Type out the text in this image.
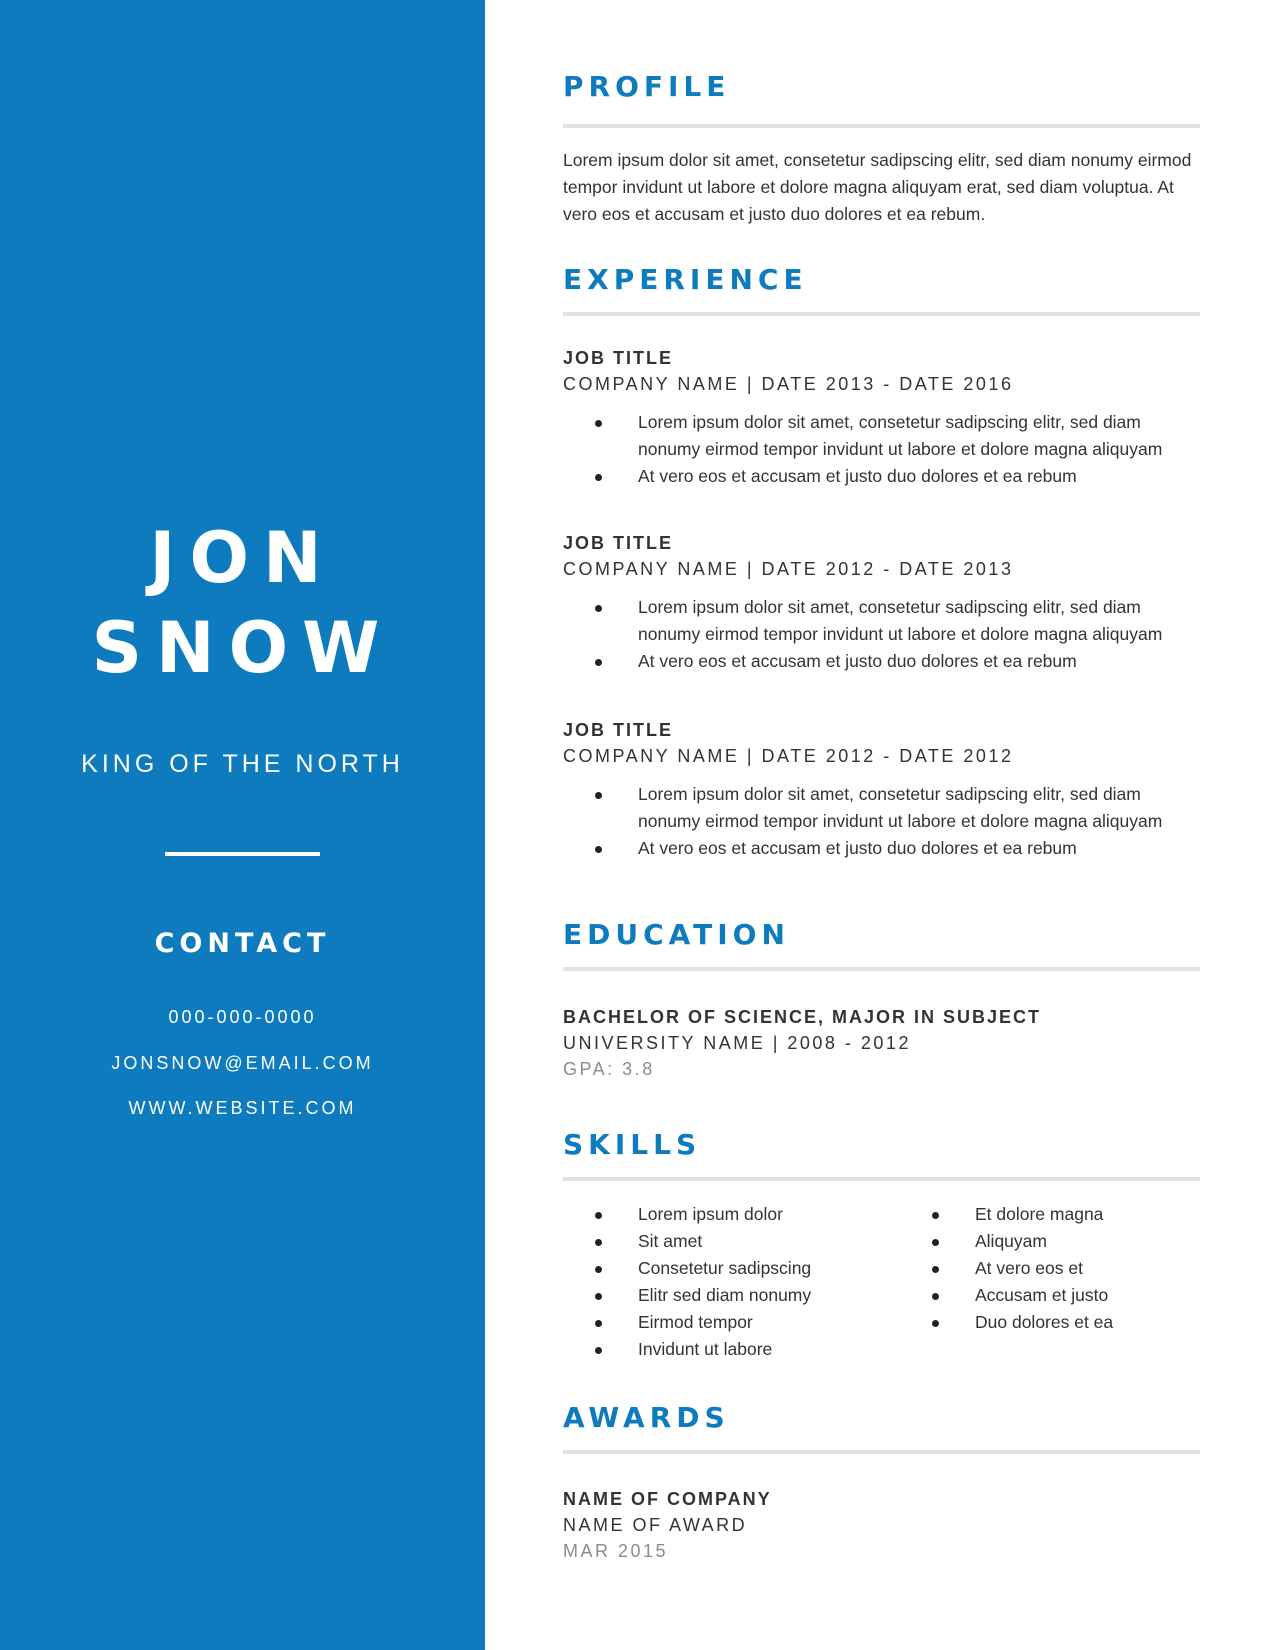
JON
SNOW
KING OF THE NORTH
CONTACT
000-000-0000
JONSNOW@EMAIL.COM
WWW.WEBSITE.COM
PROFILE
Lorem ipsum dolor sit amet, consetetur sadipscing elitr, sed diam nonumy eirmod tempor invidunt ut labore et dolore magna aliquyam erat, sed diam voluptua. At vero eos et accusam et justo duo dolores et ea rebum.
EXPERIENCE
JOB TITLE
COMPANY NAME | DATE 2013 - DATE 2016
Lorem ipsum dolor sit amet, consetetur sadipscing elitr, sed diam nonumy eirmod tempor invidunt ut labore et dolore magna aliquyam
At vero eos et accusam et justo duo dolores et ea rebum
JOB TITLE
COMPANY NAME | DATE 2012 - DATE 2013
Lorem ipsum dolor sit amet, consetetur sadipscing elitr, sed diam nonumy eirmod tempor invidunt ut labore et dolore magna aliquyam
At vero eos et accusam et justo duo dolores et ea rebum
JOB TITLE
COMPANY NAME | DATE 2012 - DATE 2012
Lorem ipsum dolor sit amet, consetetur sadipscing elitr, sed diam nonumy eirmod tempor invidunt ut labore et dolore magna aliquyam
At vero eos et accusam et justo duo dolores et ea rebum
EDUCATION
BACHELOR OF SCIENCE, MAJOR IN SUBJECT
UNIVERSITY NAME | 2008 - 2012
GPA: 3.8
SKILLS
Lorem ipsum dolor
Sit amet
Consetetur sadipscing
Elitr sed diam nonumy
Eirmod tempor
Invidunt ut labore
Et dolore magna
Aliquyam
At vero eos et
Accusam et justo
Duo dolores et ea
AWARDS
NAME OF COMPANY
NAME OF AWARD
MAR 2015
